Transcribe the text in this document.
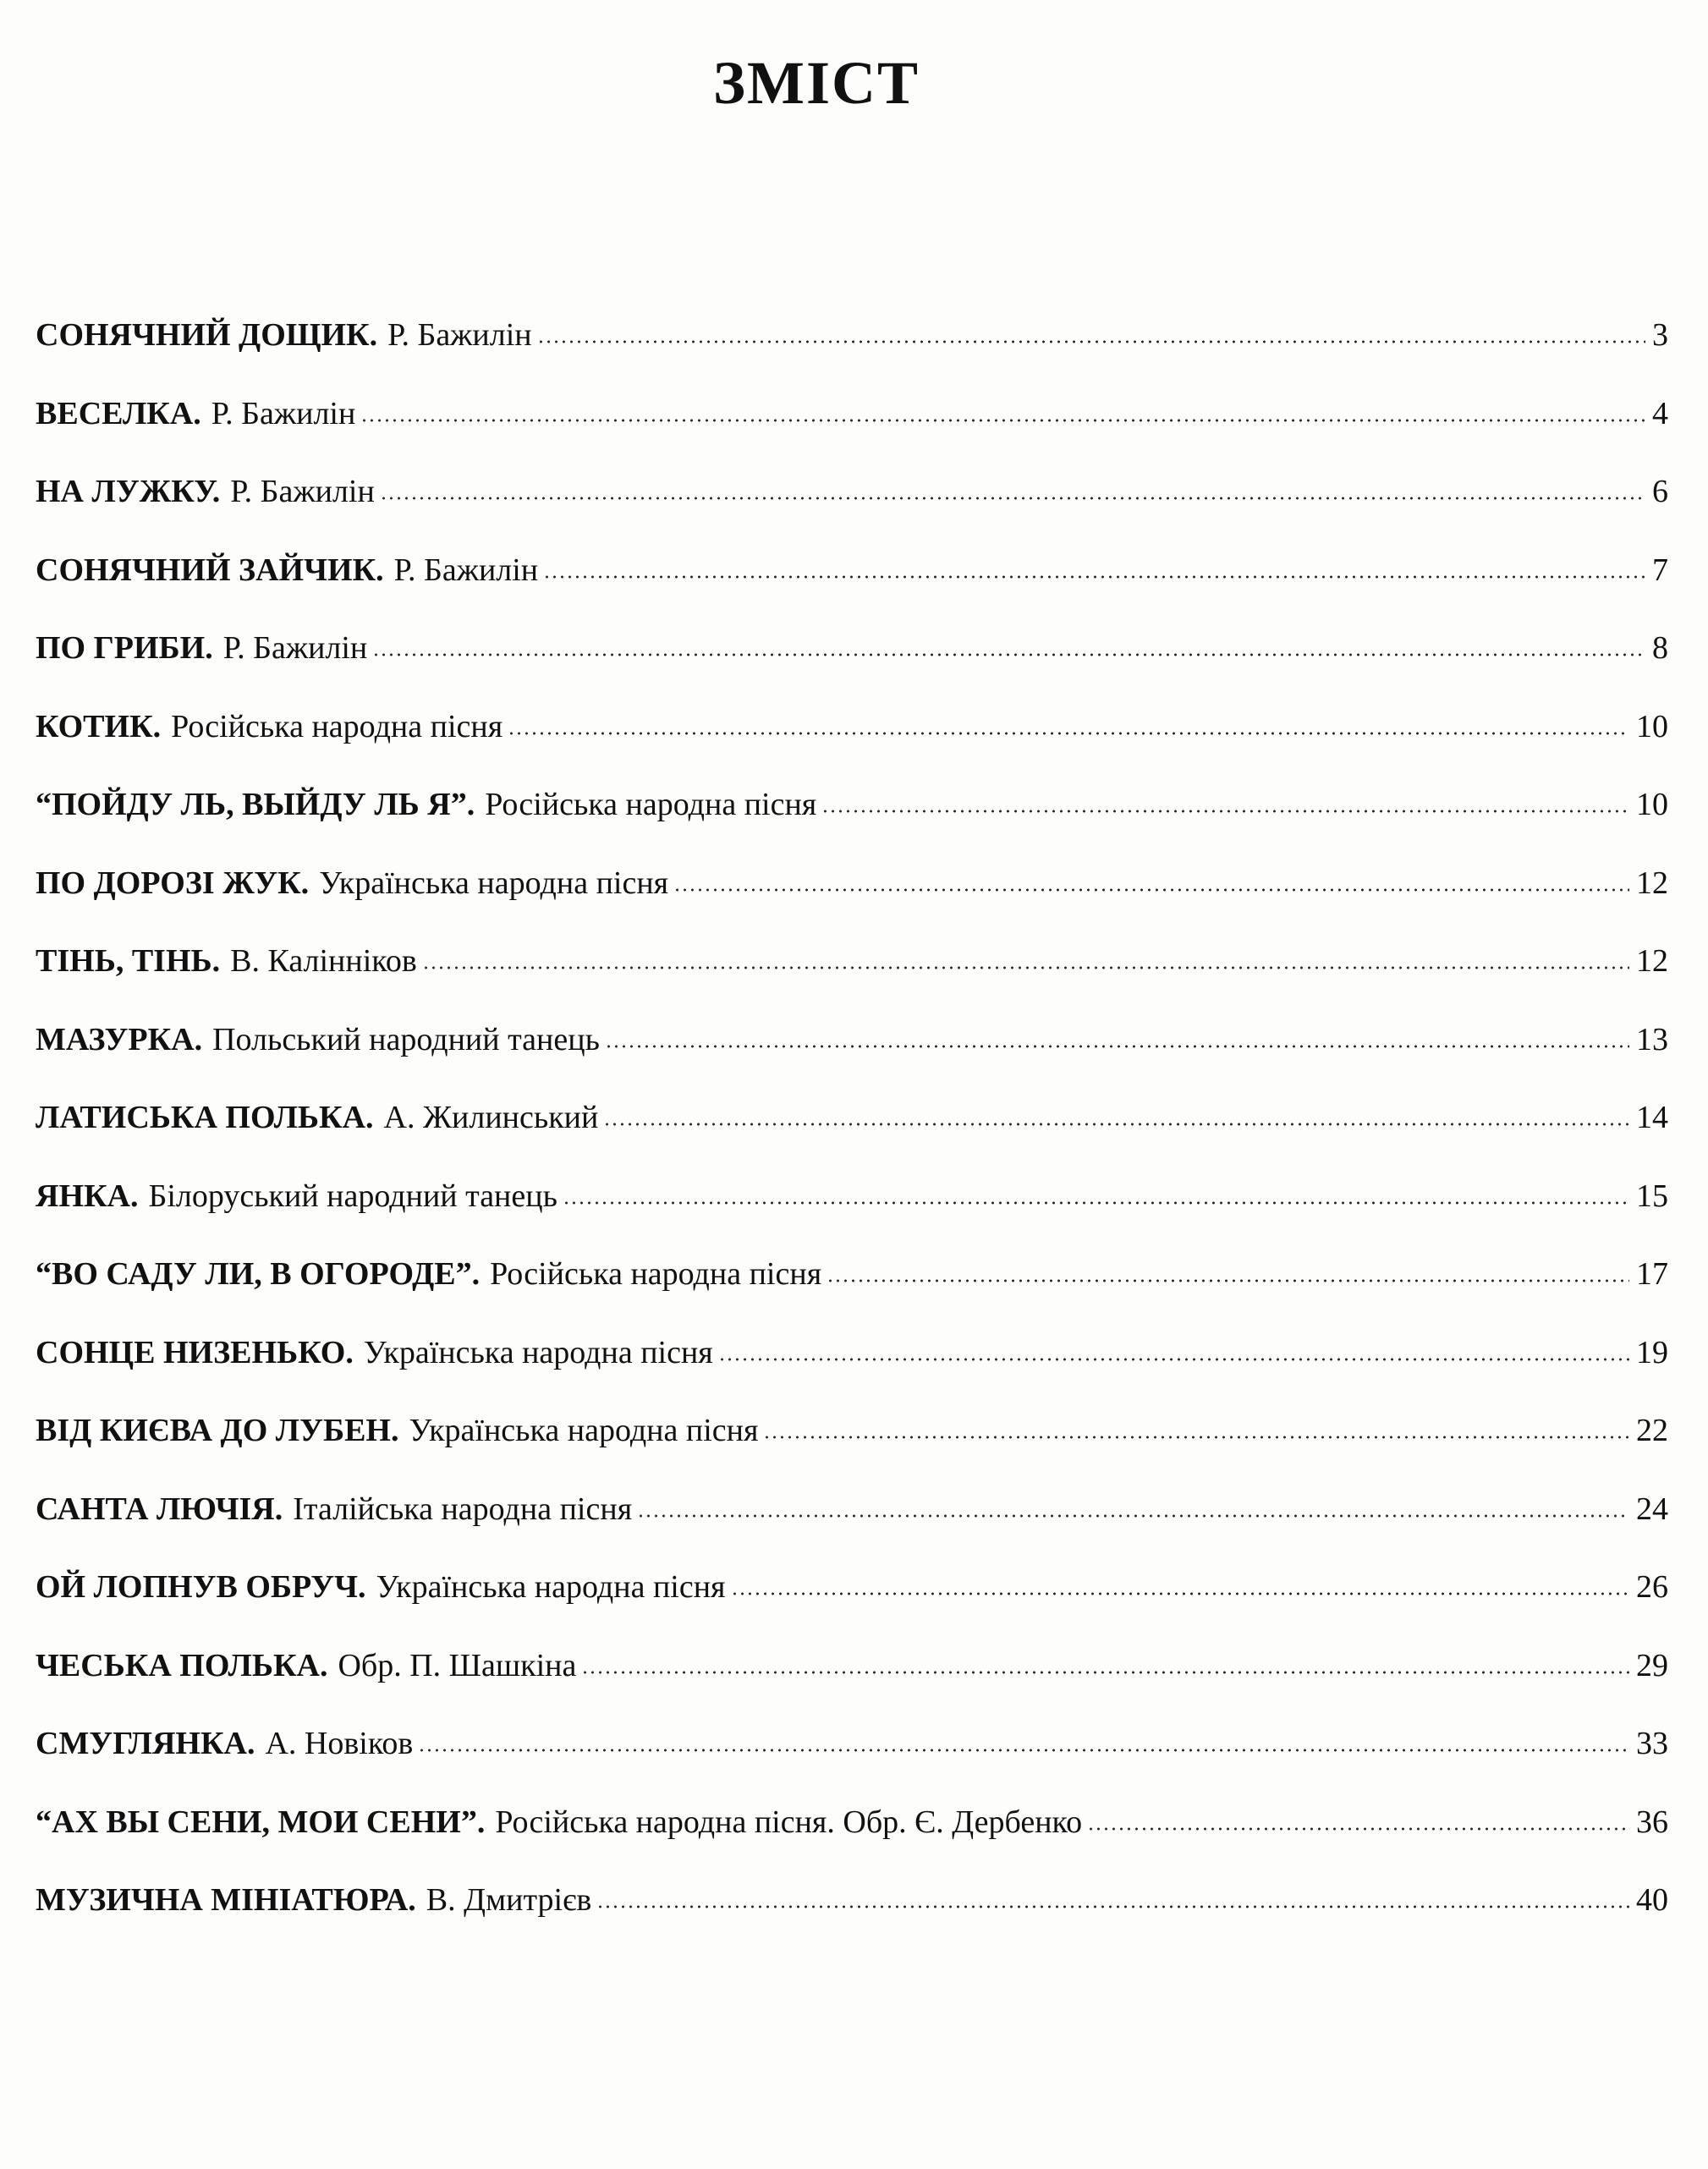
ЗМІСТ
СОНЯЧНИЙ ДОЩИК. Р. Бажилін	3
ВЕСЕЛКА. Р. Бажилін	4
НА ЛУЖКУ. Р. Бажилін	6
СОНЯЧНИЙ ЗАЙЧИК. Р. Бажилін	7
ПО ГРИБИ. Р. Бажилін	8
КОТИК. Російська народна пісня	10
“ПОЙДУ ЛЬ, ВЫЙДУ ЛЬ Я”. Російська народна пісня	10
ПО ДОРОЗІ ЖУК. Українська народна пісня	12
ТІНЬ, ТІНЬ. В. Калінніков	12
МАЗУРКА. Польський народний танець	13
ЛАТИСЬКА ПОЛЬКА. А. Жилинський	14
ЯНКА. Білоруський народний танець	15
“ВО САДУ ЛИ, В ОГОРОДЕ”. Російська народна пісня	17
СОНЦЕ НИЗЕНЬКО. Українська народна пісня	19
ВІД КИЄВА ДО ЛУБЕН. Українська народна пісня	22
САНТА ЛЮЧІЯ. Італійська народна пісня	24
ОЙ ЛОПНУВ ОБРУЧ. Українська народна пісня	26
ЧЕСЬКА ПОЛЬКА. Обр. П. Шашкіна	29
СМУГЛЯНКА. А. Новіков	33
“АХ ВЫ СЕНИ, МОИ СЕНИ”. Російська народна пісня. Обр. Є. Дербенко	36
МУЗИЧНА МІНІАТЮРА. В. Дмитрієв	40
